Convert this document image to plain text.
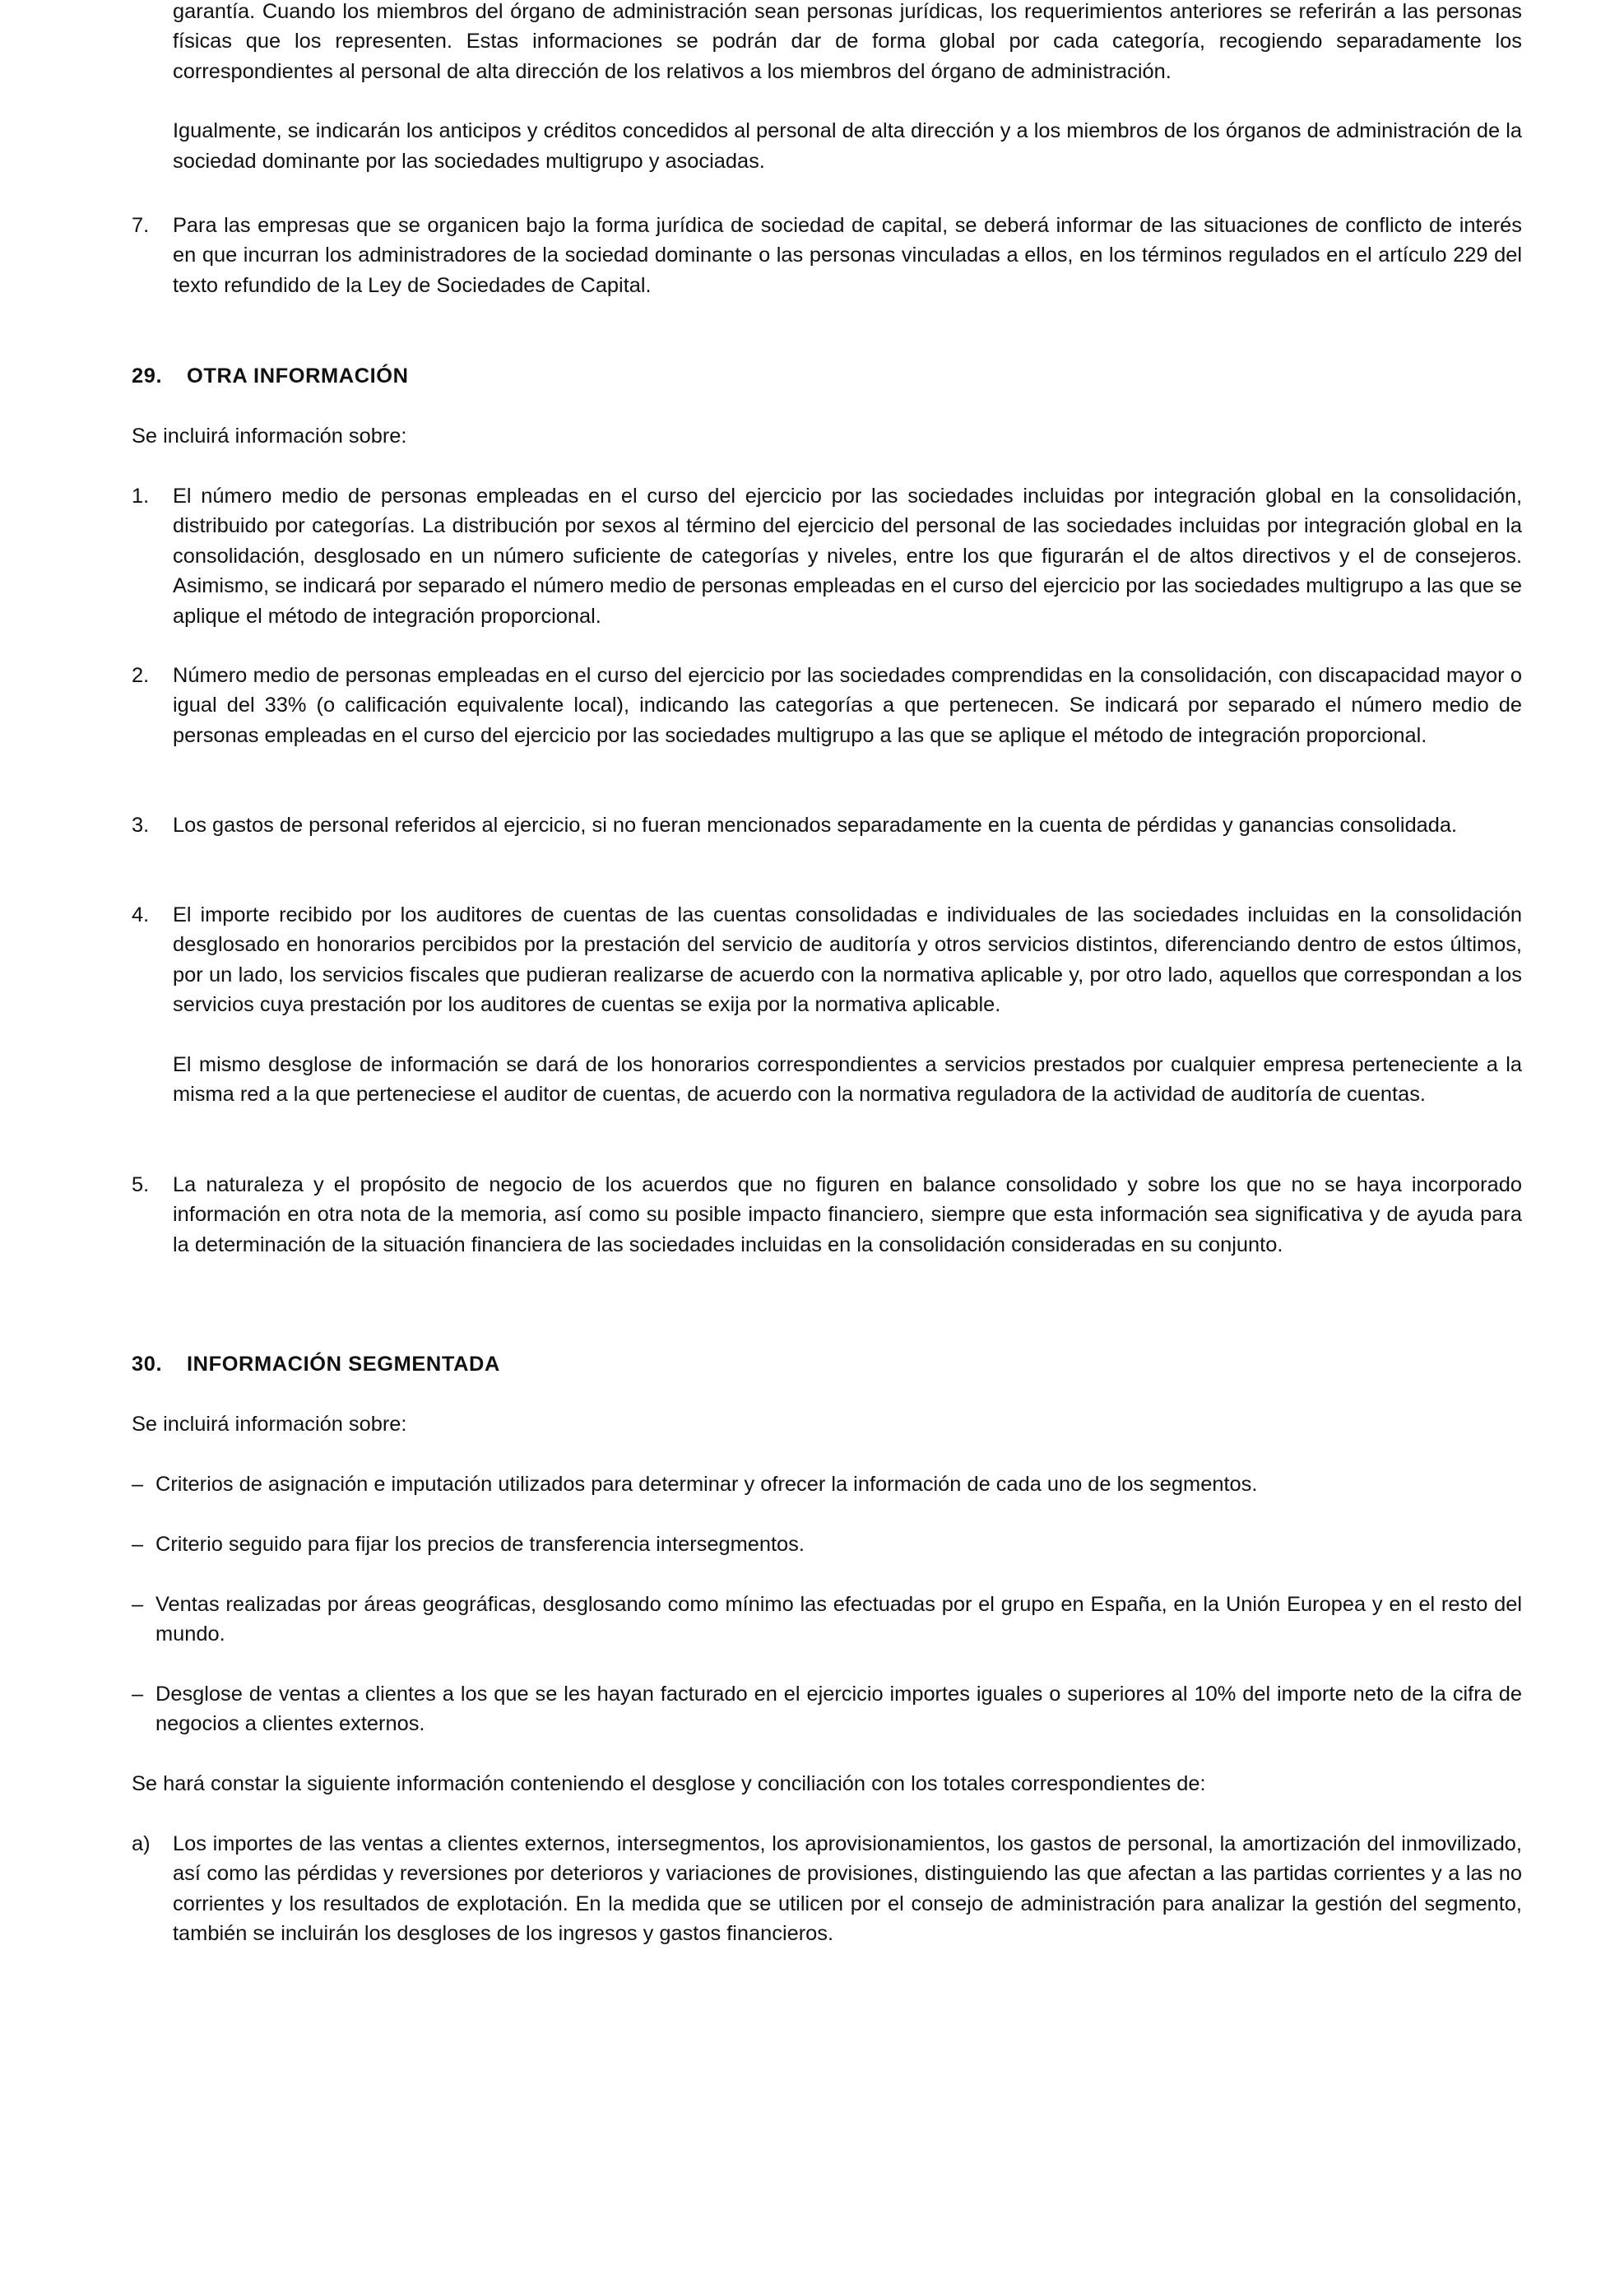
garantía. Cuando los miembros del órgano de administración sean personas jurídicas, los requerimientos anteriores se referirán a las personas físicas que los representen. Estas informaciones se podrán dar de forma global por cada categoría, recogiendo separadamente los correspondientes al personal de alta dirección de los relativos a los miembros del órgano de administración.

Igualmente, se indicarán los anticipos y créditos concedidos al personal de alta dirección y a los miembros de los órganos de administración de la sociedad dominante por las sociedades multigrupo y asociadas.

7. Para las empresas que se organicen bajo la forma jurídica de sociedad de capital, se deberá informar de las situaciones de conflicto de interés en que incurran los administradores de la sociedad dominante o las personas vinculadas a ellos, en los términos regulados en el artículo 229 del texto refundido de la Ley de Sociedades de Capital.

29. OTRA INFORMACIÓN

Se incluirá información sobre:

1. El número medio de personas empleadas en el curso del ejercicio por las sociedades incluidas por integración global en la consolidación, distribuido por categorías. La distribución por sexos al término del ejercicio del personal de las sociedades incluidas por integración global en la consolidación, desglosado en un número suficiente de categorías y niveles, entre los que figurarán el de altos directivos y el de consejeros. Asimismo, se indicará por separado el número medio de personas empleadas en el curso del ejercicio por las sociedades multigrupo a las que se aplique el método de integración proporcional.

2. Número medio de personas empleadas en el curso del ejercicio por las sociedades comprendidas en la consolidación, con discapacidad mayor o igual del 33% (o calificación equivalente local), indicando las categorías a que pertenecen. Se indicará por separado el número medio de personas empleadas en el curso del ejercicio por las sociedades multigrupo a las que se aplique el método de integración proporcional.

3. Los gastos de personal referidos al ejercicio, si no fueran mencionados separadamente en la cuenta de pérdidas y ganancias consolidada.

4. El importe recibido por los auditores de cuentas de las cuentas consolidadas e individuales de las sociedades incluidas en la consolidación desglosado en honorarios percibidos por la prestación del servicio de auditoría y otros servicios distintos, diferenciando dentro de estos últimos, por un lado, los servicios fiscales que pudieran realizarse de acuerdo con la normativa aplicable y, por otro lado, aquellos que correspondan a los servicios cuya prestación por los auditores de cuentas se exija por la normativa aplicable.

El mismo desglose de información se dará de los honorarios correspondientes a servicios prestados por cualquier empresa perteneciente a la misma red a la que perteneciese el auditor de cuentas, de acuerdo con la normativa reguladora de la actividad de auditoría de cuentas.

5. La naturaleza y el propósito de negocio de los acuerdos que no figuren en balance consolidado y sobre los que no se haya incorporado información en otra nota de la memoria, así como su posible impacto financiero, siempre que esta información sea significativa y de ayuda para la determinación de la situación financiera de las sociedades incluidas en la consolidación consideradas en su conjunto.

30. INFORMACIÓN SEGMENTADA

Se incluirá información sobre:

– Criterios de asignación e imputación utilizados para determinar y ofrecer la información de cada uno de los segmentos.

– Criterio seguido para fijar los precios de transferencia intersegmentos.

– Ventas realizadas por áreas geográficas, desglosando como mínimo las efectuadas por el grupo en España, en la Unión Europea y en el resto del mundo.

– Desglose de ventas a clientes a los que se les hayan facturado en el ejercicio importes iguales o superiores al 10% del importe neto de la cifra de negocios a clientes externos.

Se hará constar la siguiente información conteniendo el desglose y conciliación con los totales correspondientes de:

a) Los importes de las ventas a clientes externos, intersegmentos, los aprovisionamientos, los gastos de personal, la amortización del inmovilizado, así como las pérdidas y reversiones por deterioros y variaciones de provisiones, distinguiendo las que afectan a las partidas corrientes y a las no corrientes y los resultados de explotación. En la medida que se utilicen por el consejo de administración para analizar la gestión del segmento, también se incluirán los desgloses de los ingresos y gastos financieros.
